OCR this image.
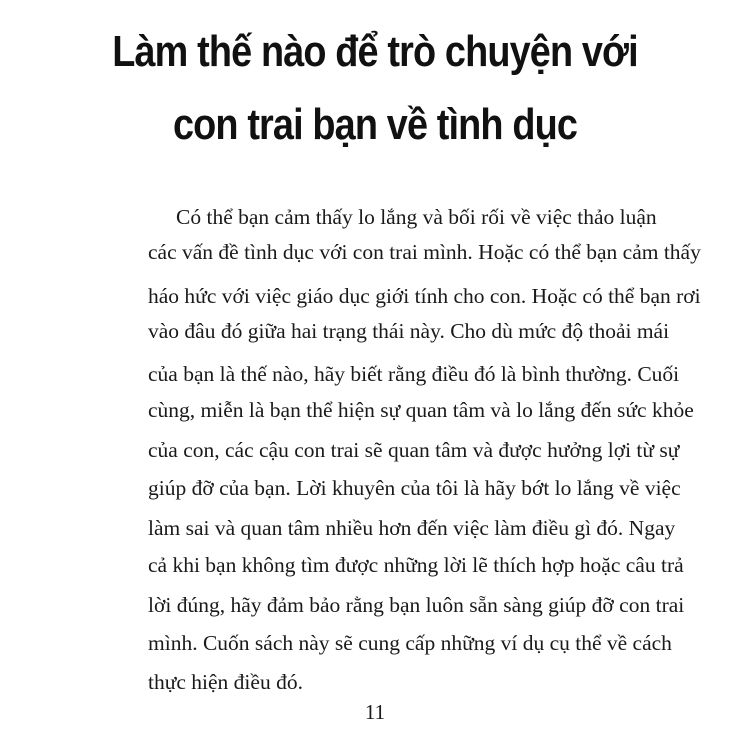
Làm thế nào để trò chuyện với
con trai bạn về tình dục
Có thể bạn cảm thấy lo lắng và bối rối về việc thảo luận
các vấn đề tình dục với con trai mình. Hoặc có thể bạn cảm thấy
háo hức với việc giáo dục giới tính cho con. Hoặc có thể bạn rơi
vào đâu đó giữa hai trạng thái này. Cho dù mức độ thoải mái
của bạn là thế nào, hãy biết rằng điều đó là bình thường. Cuối
cùng, miễn là bạn thể hiện sự quan tâm và lo lắng đến sức khỏe
của con, các cậu con trai sẽ quan tâm và được hưởng lợi từ sự
giúp đỡ của bạn. Lời khuyên của tôi là hãy bớt lo lắng về việc
làm sai và quan tâm nhiều hơn đến việc làm điều gì đó. Ngay
cả khi bạn không tìm được những lời lẽ thích hợp hoặc câu trả
lời đúng, hãy đảm bảo rằng bạn luôn sẵn sàng giúp đỡ con trai
mình. Cuốn sách này sẽ cung cấp những ví dụ cụ thể về cách
thực hiện điều đó.
11
